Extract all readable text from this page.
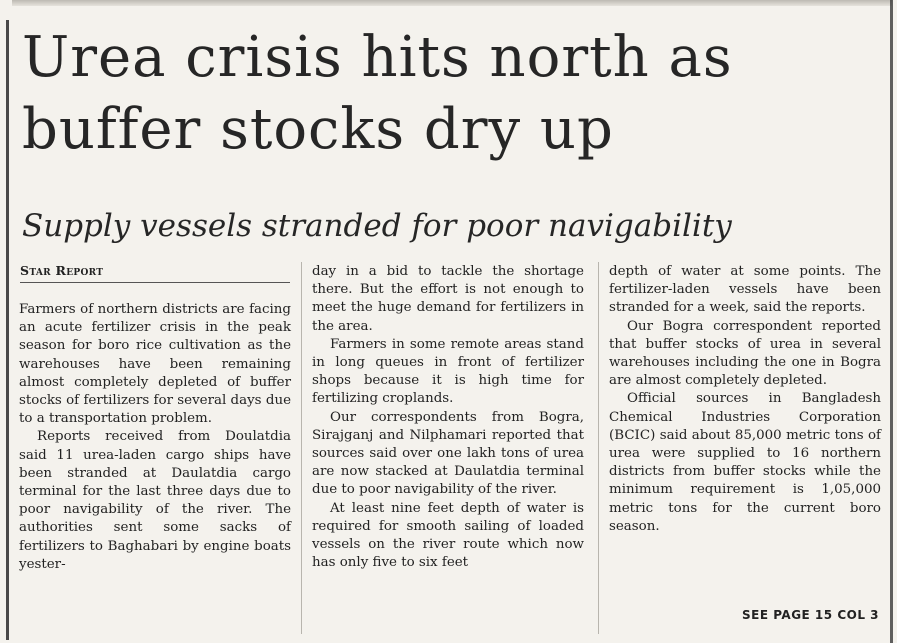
Urea crisis hits north as buffer stocks dry up
Supply vessels stranded for poor navigability
Star Report

Farmers of northern districts are facing an acute fertilizer crisis in the peak season for boro rice cultivation as the warehouses have been remaining almost completely depleted of buffer stocks of fertilizers for several days due to a transportation problem.

Reports received from Doulatdia said 11 urea-laden cargo ships have been stranded at Daulatdia cargo terminal for the last three days due to poor navigability of the river. The authorities sent some sacks of fertilizers to Baghabari by engine boats yester-

day in a bid to tackle the shortage there. But the effort is not enough to meet the huge demand for fertilizers in the area.

Farmers in some remote areas stand in long queues in front of fertilizer shops because it is high time for fertilizing croplands.

Our correspondents from Bogra, Sirajganj and Nilphamari reported that sources said over one lakh tons of urea are now stacked at Daulatdia terminal due to poor navigability of the river.

At least nine feet depth of water is required for smooth sailing of loaded vessels on the river route which now has only five to six feet

depth of water at some points. The fertilizer-laden vessels have been stranded for a week, said the reports.

Our Bogra correspondent reported that buffer stocks of urea in several warehouses including the one in Bogra are almost completely depleted.

Official sources in Bangladesh Chemical Industries Corporation (BCIC) said about 85,000 metric tons of urea were supplied to 16 northern districts from buffer stocks while the minimum requirement is 1,05,000 metric tons for the current boro season.

SEE PAGE 15 COL 3
